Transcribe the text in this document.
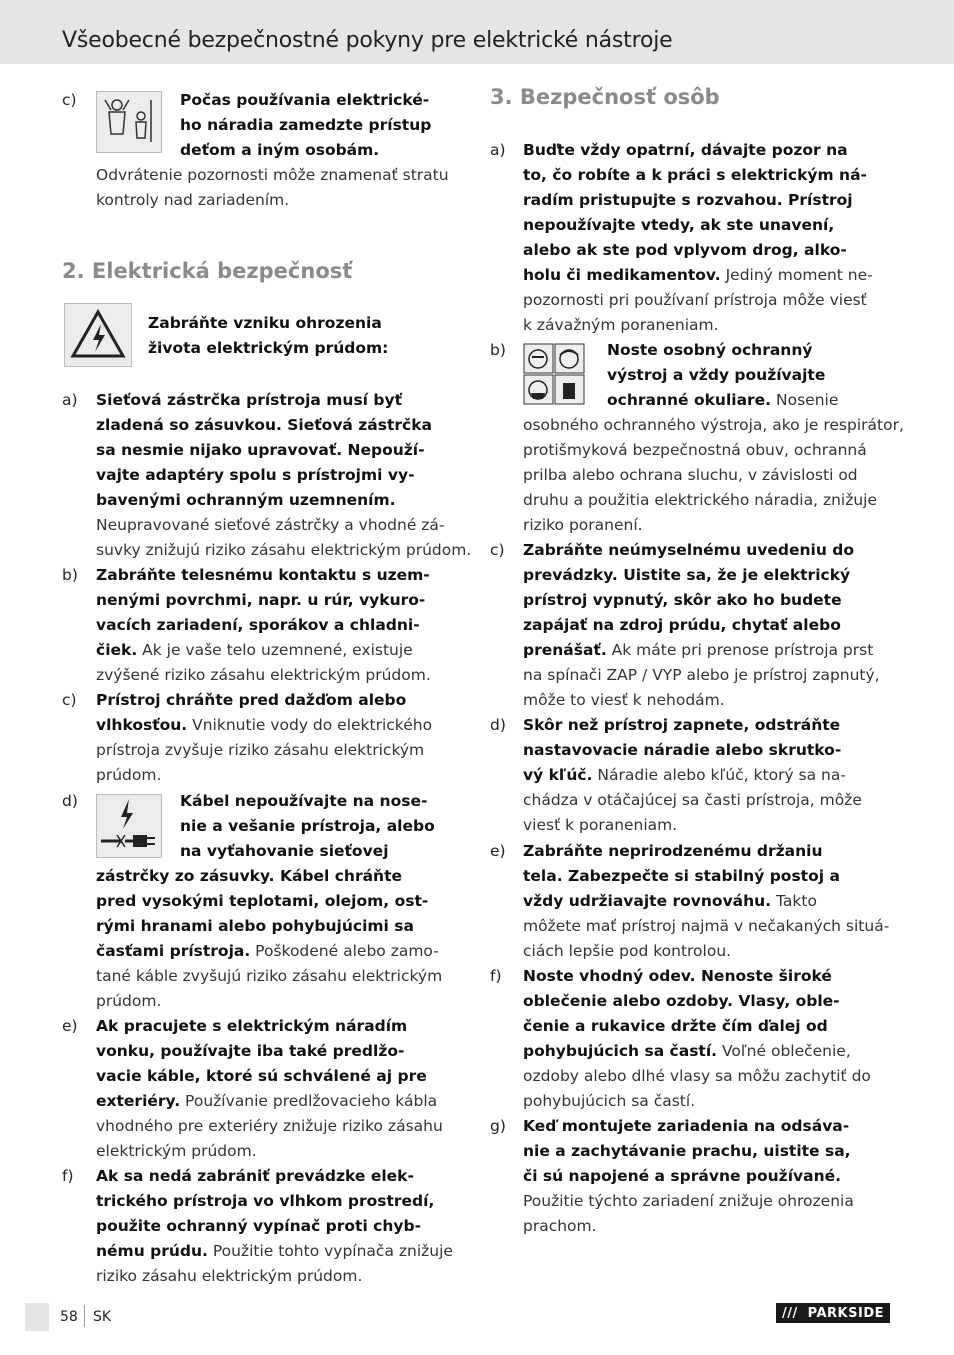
Všeobecné bezpečnostné pokyny pre elektrické nástroje
c)	Počas používania elektrické-
ho náradia zamedzte prístup
deťom a iným osobám.
Odvrátenie pozornosti môže znamenať stratu
kontroly nad zariadením.
2. Elektrická bezpečnosť
Zabráňte vzniku ohrozenia
života elektrickým prúdom:
a) Sieťová zástrčka prístroja musí byť
zladená so zásuvkou. Sieťová zástrčka
sa nesmie nijako upravovať. Nepouží-
vajte adaptéry spolu s prístrojmi vy-
bavenými ochranným uzemnením.
Neupravované sieťové zástrčky a vhodné zá-
suvky znižujú riziko zásahu elektrickým prúdom.
b) Zabráňte telesnému kontaktu s uzem-
nenými povrchmi, napr. u rúr, vykuro-
vacích zariadení, sporákov a chladni-
čiek. Ak je vaše telo uzemnené, existuje
zvýšené riziko zásahu elektrickým prúdom.
c) Prístroj chráňte pred dažďom alebo
vlhkosťou. Vniknutie vody do elektrického
prístroja zvyšuje riziko zásahu elektrickým
prúdom.
d)	Kábel nepoužívajte na nose-
nie a vešanie prístroja, alebo
na vyťahovanie sieťovej
zástrčky zo zásuvky. Kábel chráňte
pred vysokými teplotami, olejom, ost-
rými hranami alebo pohybujúcimi sa
časťami prístroja. Poškodené alebo zamo-
tané káble zvyšujú riziko zásahu elektrickým
prúdom.
e) Ak pracujete s elektrickým náradím
vonku, používajte iba také predlžo-
vacie káble, ktoré sú schválené aj pre
exteriéry. Používanie predlžovacieho kábla
vhodného pre exteriéry znižuje riziko zásahu
elektrickým prúdom.
f) Ak sa nedá zabrániť prevádzke elek-
trického prístroja vo vlhkom prostredí,
použite ochranný vypínač proti chyb-
nému prúdu. Použitie tohto vypínača znižuje
riziko zásahu elektrickým prúdom.
3. Bezpečnosť osôb
a) Buďte vždy opatrní, dávajte pozor na
to, čo robíte a k práci s elektrickým ná-
radím pristupujte s rozvahou. Prístroj
nepoužívajte vtedy, ak ste unavení,
alebo ak ste pod vplyvom drog, alko-
holu či medikamentov. Jediný moment ne-
pozornosti pri používaní prístroja môže viesť
k závažným poraneniam.
b)	Noste osobný ochranný
výstroj a vždy používajte
ochranné okuliare. Nosenie
osobného ochranného výstroja, ako je respirátor,
protišmyková bezpečnostná obuv, ochranná
prilba alebo ochrana sluchu, v závislosti od
druhu a použitia elektrického náradia, znižuje
riziko poranení.
c) Zabráňte neúmyselnému uvedeniu do
prevádzky. Uistite sa, že je elektrický
prístroj vypnutý, skôr ako ho budete
zapájať na zdroj prúdu, chytať alebo
prenášať. Ak máte pri prenose prístroja prst
na spínači ZAP / VYP alebo je prístroj zapnutý,
môže to viesť k nehodám.
d) Skôr než prístroj zapnete, odstráňte
nastavovacie náradie alebo skrutko-
vý kľúč. Náradie alebo kľúč, ktorý sa na-
chádza v otáčajúcej sa časti prístroja, môže
viesť k poraneniam.
e) Zabráňte neprirodzenému držaniu
tela. Zabezpečte si stabilný postoj a
vždy udržiavajte rovnováhu. Takto
môžete mať prístroj najmä v nečakaných situá-
ciách lepšie pod kontrolou.
f) Noste vhodný odev. Nenoste široké
oblečenie alebo ozdoby. Vlasy, oble-
čenie a rukavice držte čím ďalej od
pohybujúcich sa častí. Voľné oblečenie,
ozdoby alebo dlhé vlasy sa môžu zachytiť do
pohybujúcich sa častí.
g) Keď montujete zariadenia na odsáva-
nie a zachytávanie prachu, uistite sa,
či sú napojené a správne používané.
Použitie týchto zariadení znižuje ohrozenia
prachom.
58 SK	/// PARKSIDE
